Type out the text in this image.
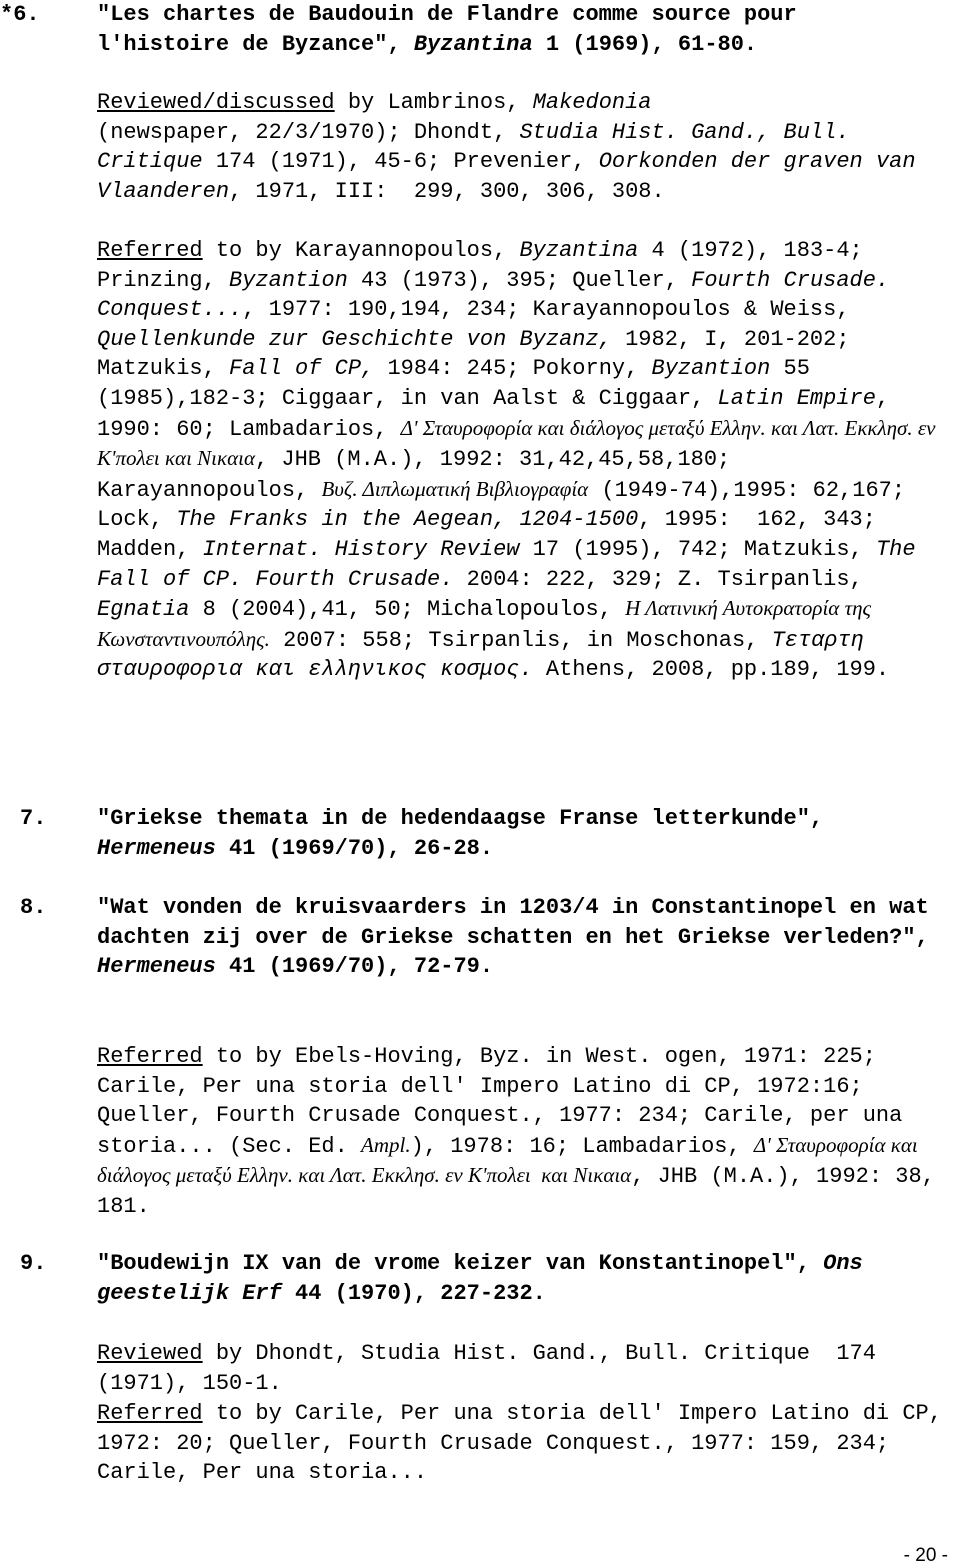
*6.	"Les chartes de Baudouin de Flandre comme source pour
l'histoire de Byzance", Byzantina 1 (1969), 61-80.
Reviewed/discussed by Lambrinos, Makedonia
(newspaper, 22/3/1970); Dhondt, Studia Hist. Gand., Bull. Critique 174 (1971), 45-6; Prevenier, Oorkonden der graven van Vlaanderen, 1971, III:  299, 300, 306, 308.
Referred to by Karayannopoulos, Byzantina 4 (1972), 183-4; Prinzing, Byzantion 43 (1973), 395; Queller, Fourth Crusade. Conquest..., 1977: 190,194, 234; Karayannopoulos & Weiss,  Quellenkunde zur Geschichte von Byzanz, 1982, I, 201-202; Matzukis, Fall of CP, 1984: 245; Pokorny, Byzantion 55  (1985),182-3; Ciggaar, in van Aalst & Ciggaar, Latin Empire, 1990: 60; Lambadarios, Δ' Σταυροφορία και διάλογος μεταξύ Ελλην. και Λατ. Εκκλησ. εν Κ'πολει και Νικαια, JHB (M.A.), 1992: 31,42,45,58,180; Karayannopoulos, Βυζ. Διπλωματική Βιβλιογραφία (1949-74),1995: 62,167; Lock, The Franks in the Aegean, 1204-1500, 1995:  162, 343; Madden, Internat. History Review 17 (1995), 742; Matzukis, The Fall of CP. Fourth Crusade. 2004: 222, 329; Z. Tsirpanlis, Egnatia 8 (2004),41, 50; Michalopoulos, Η Λατινική Αυτοκρατορία της Κωνσταντινουπόλης. 2007: 558; Tsirpanlis, in Moschonas, Τεταρτη σταυροφορια και ελληνικος κοσμος. Athens, 2008, pp.189, 199.
7. "Griekse themata in de hedendaagse Franse letterkunde", Hermeneus 41 (1969/70), 26-28.
8. "Wat vonden de kruisvaarders in 1203/4 in Constantinopel en wat dachten zij over de Griekse schatten en het Griekse verleden?", Hermeneus 41 (1969/70), 72-79.
Referred to by Ebels-Hoving, Byz. in West. ogen, 1971: 225; Carile, Per una storia dell' Impero Latino di CP, 1972:16; Queller, Fourth Crusade Conquest., 1977: 234; Carile, per una storia... (Sec. Ed. Ampl.), 1978: 16; Lambadarios, Δ' Σταυροφορία και διάλογος μεταξύ Ελλην. και Λατ. Εκκλησ. εν Κ'πολει  και Νικαια, JHB (M.A.), 1992: 38, 181.
9. "Boudewijn IX van de vrome keizer van Konstantinopel", Ons geestelijk Erf 44 (1970), 227-232.
Reviewed by Dhondt, Studia Hist. Gand., Bull. Critique  174 (1971), 150-1.
Referred to by Carile, Per una storia dell' Impero Latino di CP, 1972: 20; Queller, Fourth Crusade Conquest., 1977: 159, 234; Carile, Per una storia...
- 20 -
